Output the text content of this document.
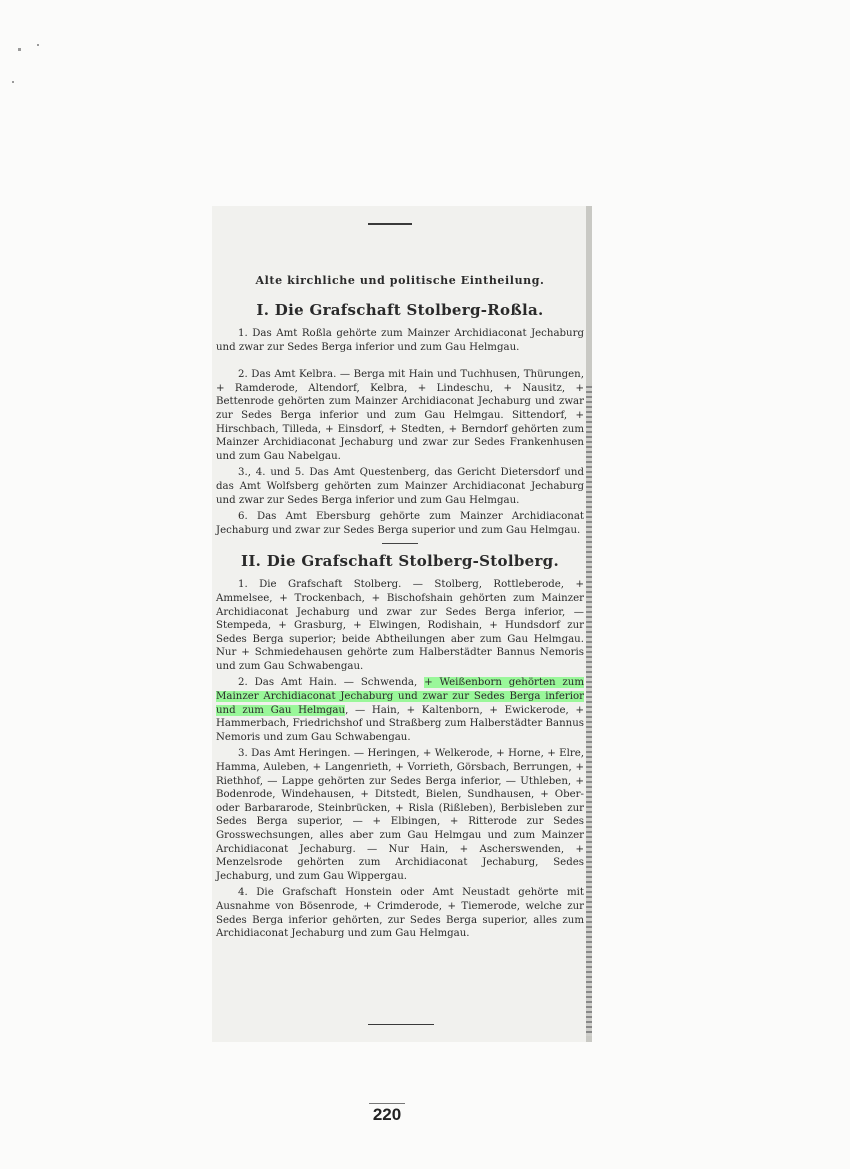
Alte kirchliche und politische Eintheilung.
I. Die Grafschaft Stolberg-Roßla.

1. Das Amt Roßla gehörte zum Mainzer Archidiaconat Jechaburg und zwar zur Sedes Berga inferior und zum Gau Helmgau.

2. Das Amt Kelbra. — Berga mit Hain und Tuchhusen, Thürungen, + Ramderode, Altendorf, Kelbra, + Lindeschu, + Nausitz, + Bettenrode gehörten zum Mainzer Archidiaconat Jechaburg und zwar zur Sedes Berga inferior und zum Gau Helmgau. Sittendorf, + Hirschbach, Tilleda, + Einsdorf, + Stedten, + Berndorf gehörten zum Mainzer Archidiaconat Jechaburg und zwar zur Sedes Frankenhusen und zum Gau Nabelgau.

3., 4. und 5. Das Amt Questenberg, das Gericht Dietersdorf und das Amt Wolfsberg gehörten zum Mainzer Archidiaconat Jechaburg und zwar zur Sedes Berga inferior und zum Gau Helmgau.

6. Das Amt Ebersburg gehörte zum Mainzer Archidiaconat Jechaburg und zwar zur Sedes Berga superior und zum Gau Helmgau.

II. Die Grafschaft Stolberg-Stolberg.

1. Die Grafschaft Stolberg. — Stolberg, Rottleberode, + Ammelsee, + Trockenbach, + Bischofshain gehörten zum Mainzer Archidiaconat Jechaburg und zwar zur Sedes Berga inferior, — Stempeda, + Grasburg, + Elwingen, Rodishain, + Hundsdorf zur Sedes Berga superior; beide Abtheilungen aber zum Gau Helmgau. Nur + Schmiedehausen gehörte zum Halberstädter Bannus Nemoris und zum Gau Schwabengau.

2. Das Amt Hain. — Schwenda, + Weißenborn gehörten zum Mainzer Archidiaconat Jechaburg und zwar zur Sedes Berga inferior und zum Gau Helmgau, — Hain, + Kaltenborn, + Ewickerode, + Hammerbach, Friedrichshof und Straßberg zum Halberstädter Bannus Nemoris und zum Gau Schwabengau.

3. Das Amt Heringen. — Heringen, + Welkerode, + Horne, + Elre, Hamma, Auleben, + Langenrieth, + Vorrieth, Görsbach, Berrungen, + Riethhof, — Lappe gehörten zur Sedes Berga inferior, — Uthleben, + Bodenrode, Windehausen, + Ditstedt, Bielen, Sundhausen, + Ober- oder Barbararode, Steinbrücken, + Risla (Rißleben), Berbisleben zur Sedes Berga superior, — + Elbingen, + Ritterode zur Sedes Grosswechsungen, alles aber zum Gau Helmgau und zum Mainzer Archidiaconat Jechaburg. — Nur Hain, + Ascherswenden, + Menzelsrode gehörten zum Archidiaconat Jechaburg, Sedes Jechaburg, und zum Gau Wippergau.

4. Die Grafschaft Honstein oder Amt Neustadt gehörte mit Ausnahme von Bösenrode, + Crimderode, + Tiemerode, welche zur Sedes Berga inferior gehörten, zur Sedes Berga superior, alles zum Archidiaconat Jechaburg und zum Gau Helmgau.

220
